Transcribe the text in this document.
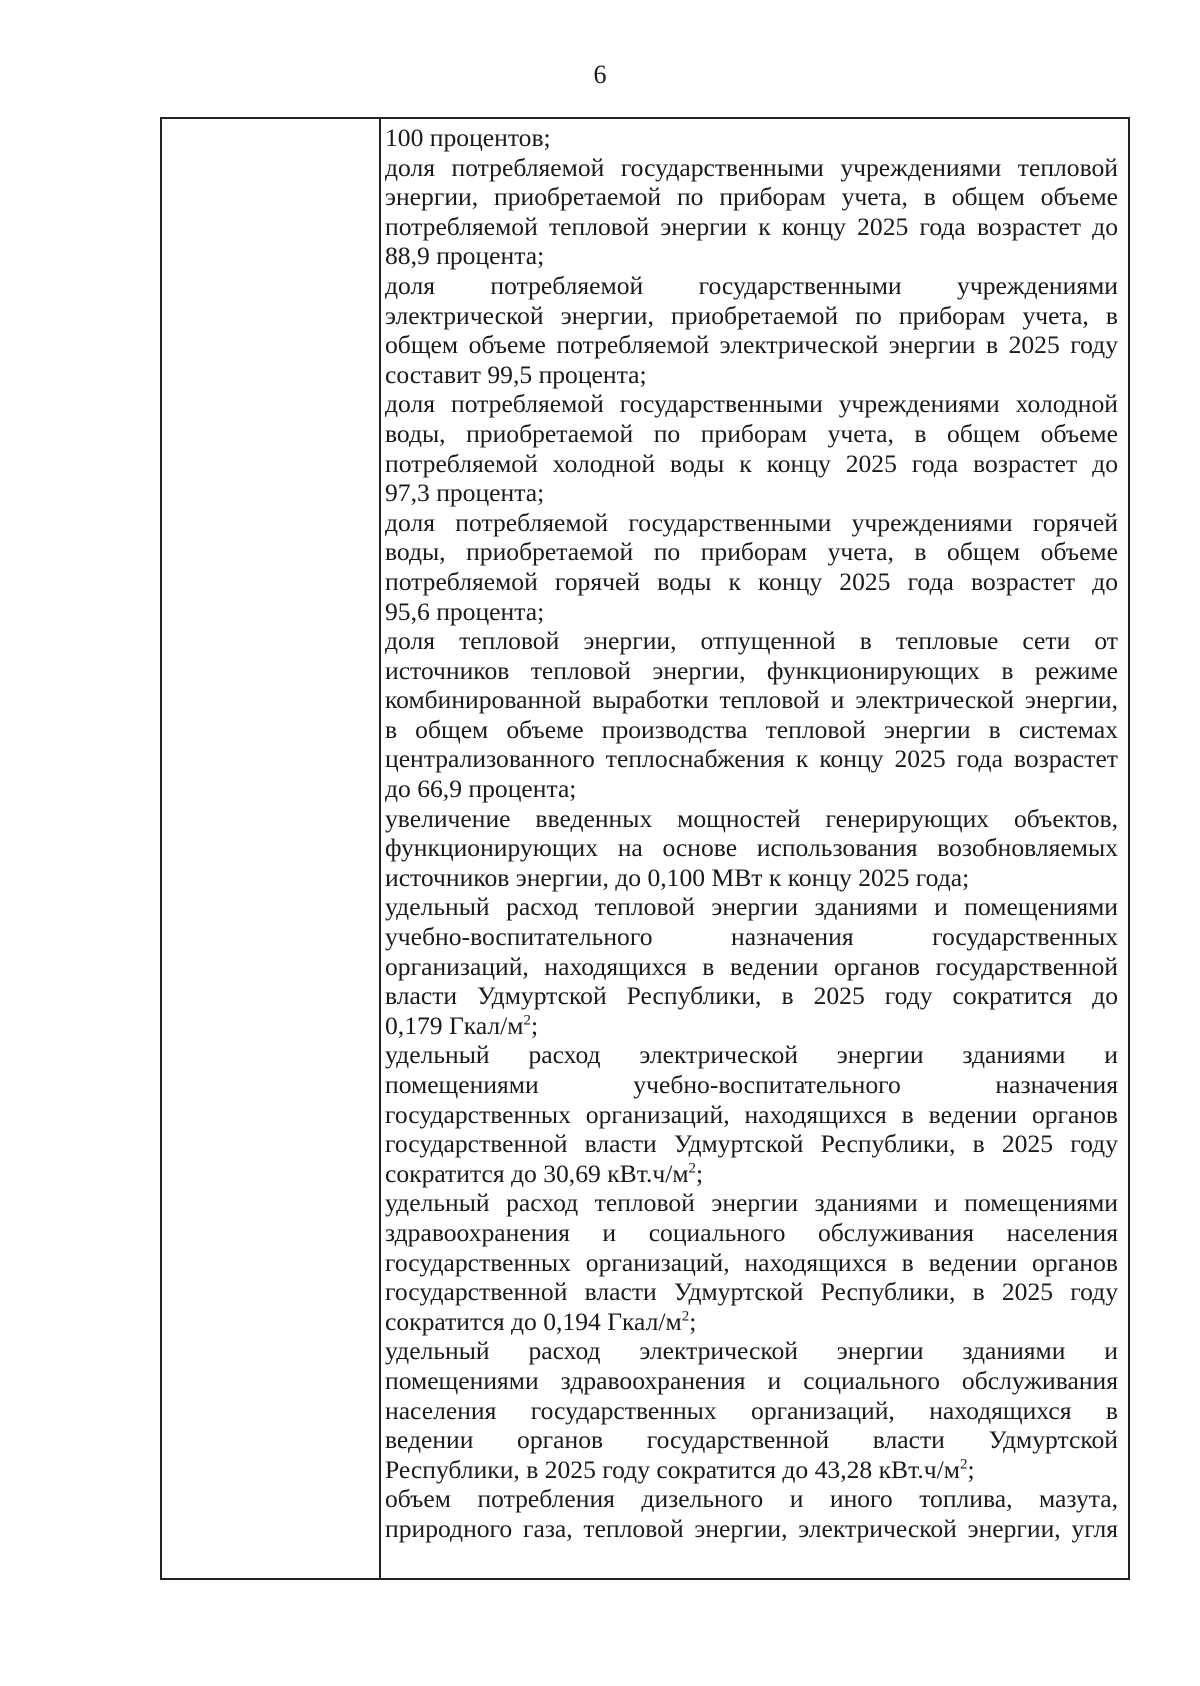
6
100 процентов;
доля потребляемой государственными учреждениями тепловой
энергии, приобретаемой по приборам учета, в общем объеме
потребляемой тепловой энергии к концу 2025 года возрастет до
88,9 процента;
доля потребляемой государственными учреждениями
электрической энергии, приобретаемой по приборам учета, в
общем объеме потребляемой электрической энергии в 2025 году
составит 99,5 процента;
доля потребляемой государственными учреждениями холодной
воды, приобретаемой по приборам учета, в общем объеме
потребляемой холодной воды к концу 2025 года возрастет до
97,3 процента;
доля потребляемой государственными учреждениями горячей
воды, приобретаемой по приборам учета, в общем объеме
потребляемой горячей воды к концу 2025 года возрастет до
95,6 процента;
доля тепловой энергии, отпущенной в тепловые сети от
источников тепловой энергии, функционирующих в режиме
комбинированной выработки тепловой и электрической энергии,
в общем объеме производства тепловой энергии в системах
централизованного теплоснабжения к концу 2025 года возрастет
до 66,9 процента;
увеличение введенных мощностей генерирующих объектов,
функционирующих на основе использования возобновляемых
источников энергии, до 0,100 МВт к концу 2025 года;
удельный расход тепловой энергии зданиями и помещениями
учебно-воспитательного назначения государственных
организаций, находящихся в ведении органов государственной
власти Удмуртской Республики, в 2025 году сократится до
0,179 Гкал/$м^2$;
удельный расход электрической энергии зданиями и
помещениями учебно-воспитательного назначения
государственных организаций, находящихся в ведении органов
государственной власти Удмуртской Республики, в 2025 году
сократится до 30,69 $кВт.ч/м^2$;
удельный расход тепловой энергии зданиями и помещениями
здравоохранения и социального обслуживания населения
государственных организаций, находящихся в ведении органов
государственной власти Удмуртской Республики, в 2025 году
сократится до 0,194 Гкал/$м^2$;
удельный расход электрической энергии зданиями и
помещениями здравоохранения и социального обслуживания
населения государственных организаций, находящихся в
ведении органов государственной власти Удмуртской
Республики, в 2025 году сократится до 43,28 $кВт.ч/м^2$;
объем потребления дизельного и иного топлива, мазута,
природного газа, тепловой энергии, электрической энергии, угля
